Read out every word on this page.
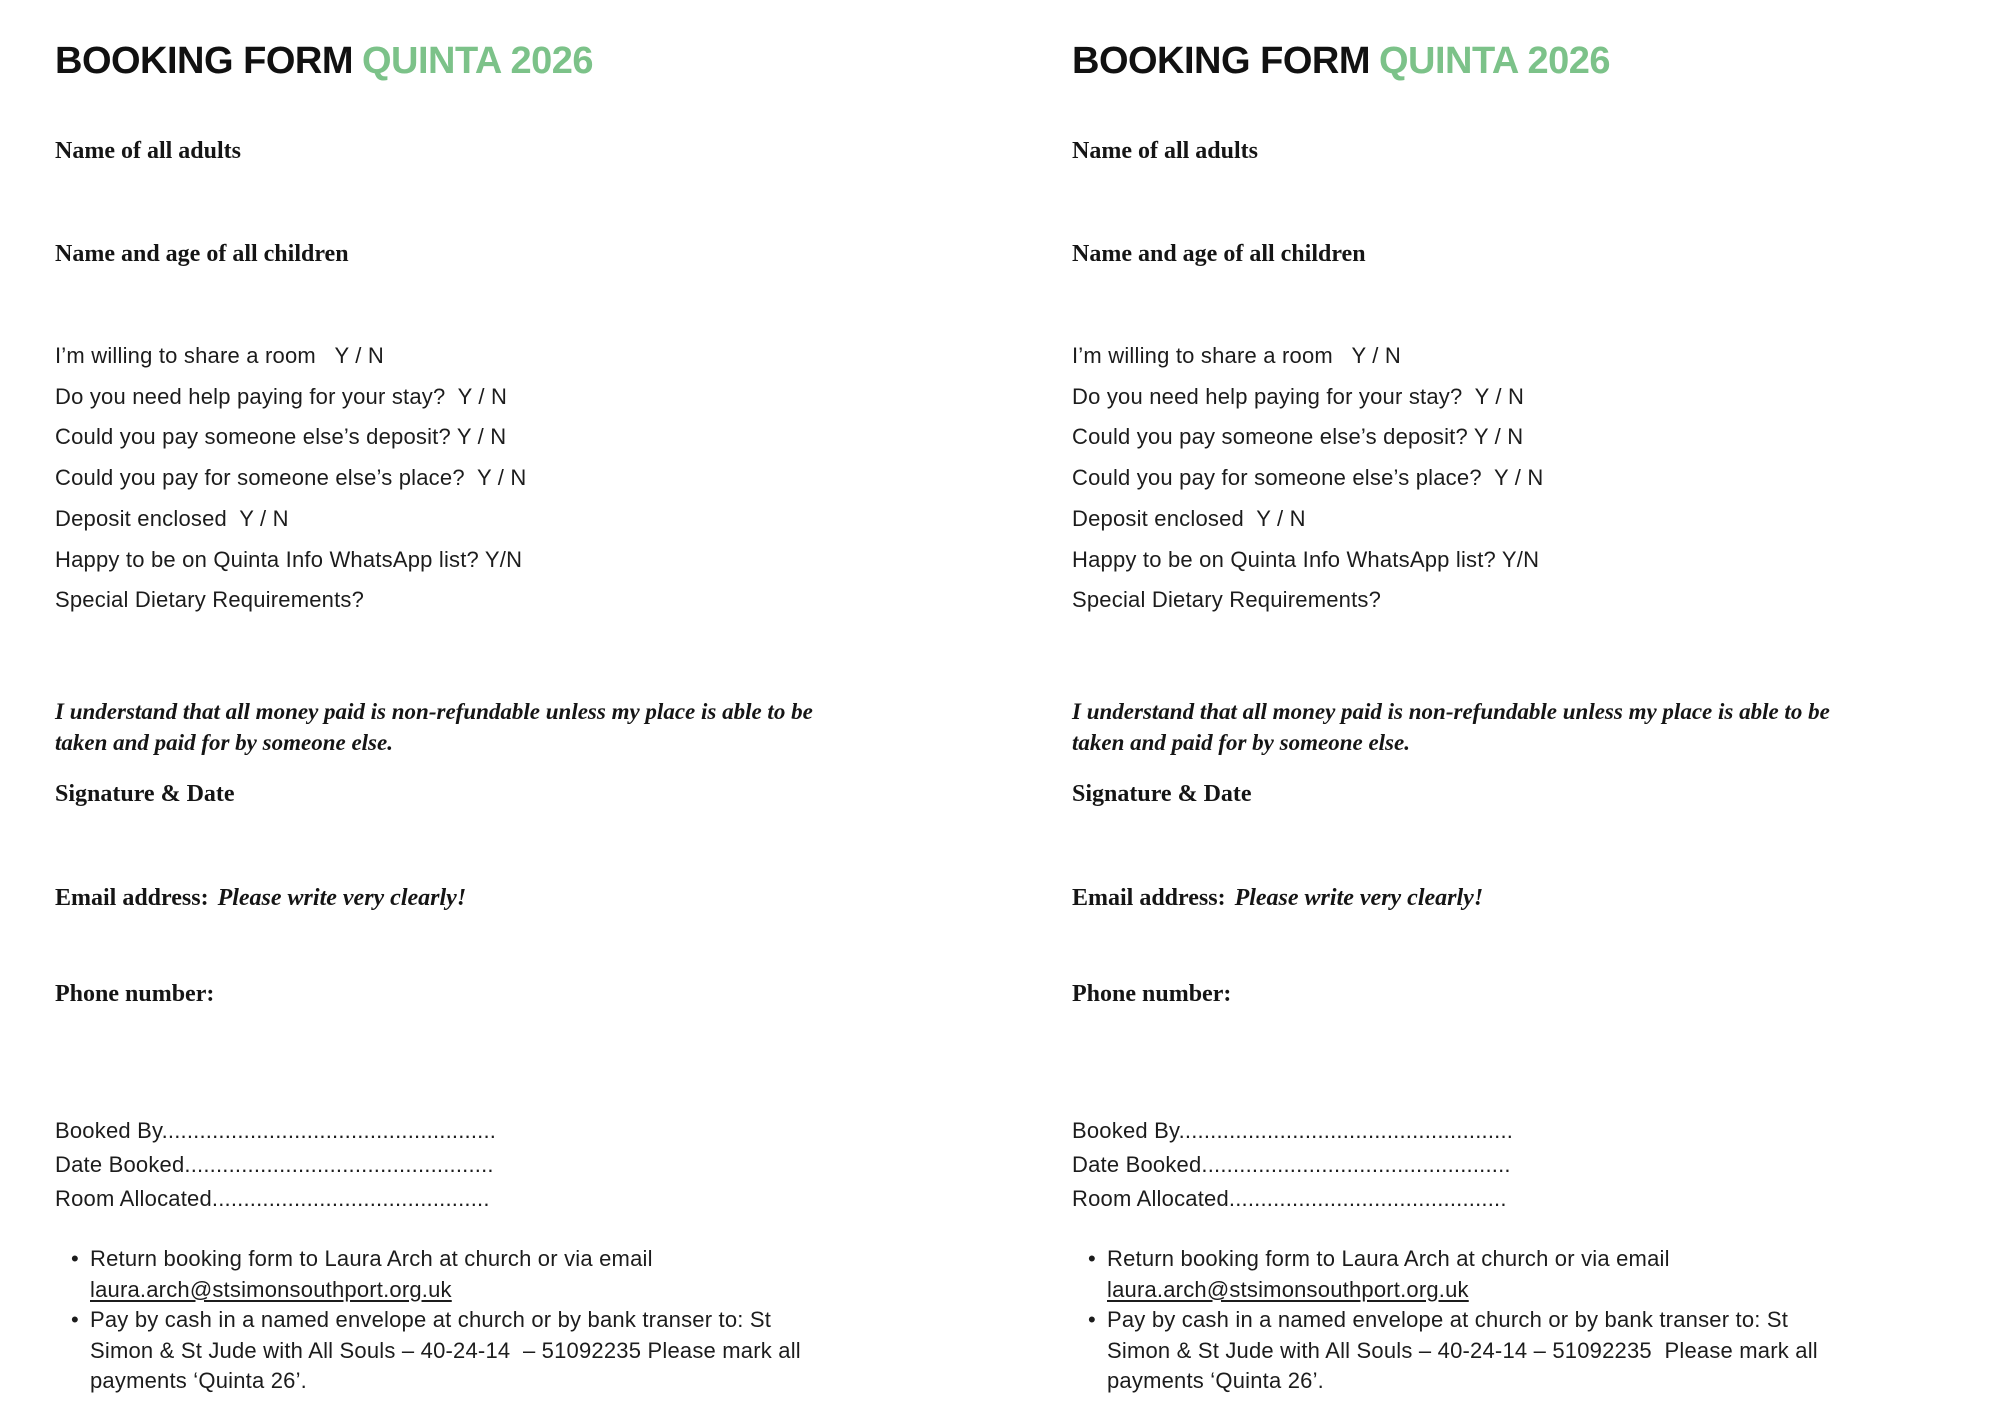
BOOKING FORM QUINTA 2026
Name of all adults
Name and age of all children
I’m willing to share a room   Y / N
Do you need help paying for your stay?  Y / N
Could you pay someone else’s deposit? Y / N
Could you pay for someone else’s place?  Y / N
Deposit enclosed  Y / N
Happy to be on Quinta Info WhatsApp list? Y/N
Special Dietary Requirements?
I understand that all money paid is non-refundable unless my place is able to be
taken and paid for by someone else.
Signature & Date
Email address: Please write very clearly!
Phone number:
Booked By.....................................................
Date Booked.................................................
Room Allocated............................................
• Return booking form to Laura Arch at church or via email
laura.arch@stsimonsouthport.org.uk
• Pay by cash in a named envelope at church or by bank transer to: St
Simon & St Jude with All Souls – 40-24-14  – 51092235 Please mark all
payments ‘Quinta 26’.
BOOKING FORM QUINTA 2026
Name of all adults
Name and age of all children
I’m willing to share a room   Y / N
Do you need help paying for your stay?  Y / N
Could you pay someone else’s deposit? Y / N
Could you pay for someone else’s place?  Y / N
Deposit enclosed  Y / N
Happy to be on Quinta Info WhatsApp list? Y/N
Special Dietary Requirements?
I understand that all money paid is non-refundable unless my place is able to be
taken and paid for by someone else.
Signature & Date
Email address: Please write very clearly!
Phone number:
Booked By.....................................................
Date Booked.................................................
Room Allocated............................................
• Return booking form to Laura Arch at church or via email
laura.arch@stsimonsouthport.org.uk
• Pay by cash in a named envelope at church or by bank transer to: St
Simon & St Jude with All Souls – 40-24-14 – 51092235  Please mark all
payments ‘Quinta 26’.
